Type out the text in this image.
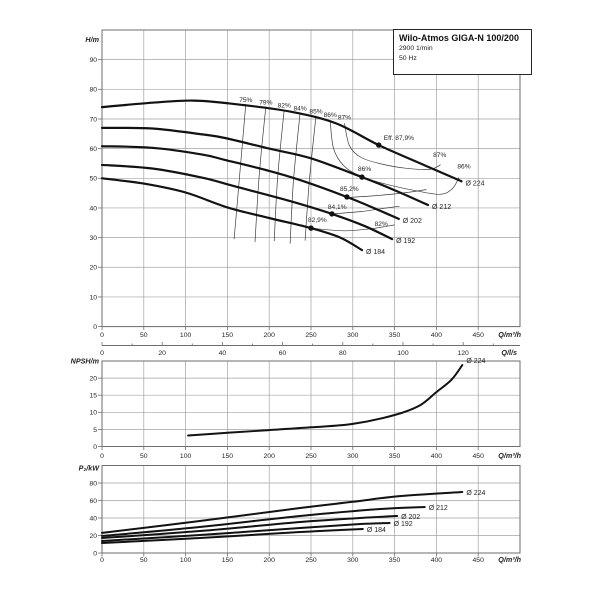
0	50	100	150	200	250	300	350	400	450
0
10
20
30
40
50
60
70
80
90
Q/m³/h
H/m
0	20	40	60	80	100	120	Q/l/s
Ø 224
Ø 212
Ø 202
Ø 192
Ø 184
75% 79% 82% 84% 85%
86% 87%
87%
86%
82%
Eff. 87,9%
86%
85,2%
84,1%
82,9%
0	50	100	150	200	250	300	350	400	450
0
5
10
15
20
Q/m³/h
NPSH/m	Ø 224
0	50	100	150	200	250	300	350	400	450
0
20
40
60
80
Q/m³/h
P₂/kW
Ø 224
Ø 212
Ø 202
Ø 192
Ø 184
Wilo-Atmos GIGA-N 100/200
2900 1/min
50 Hz
